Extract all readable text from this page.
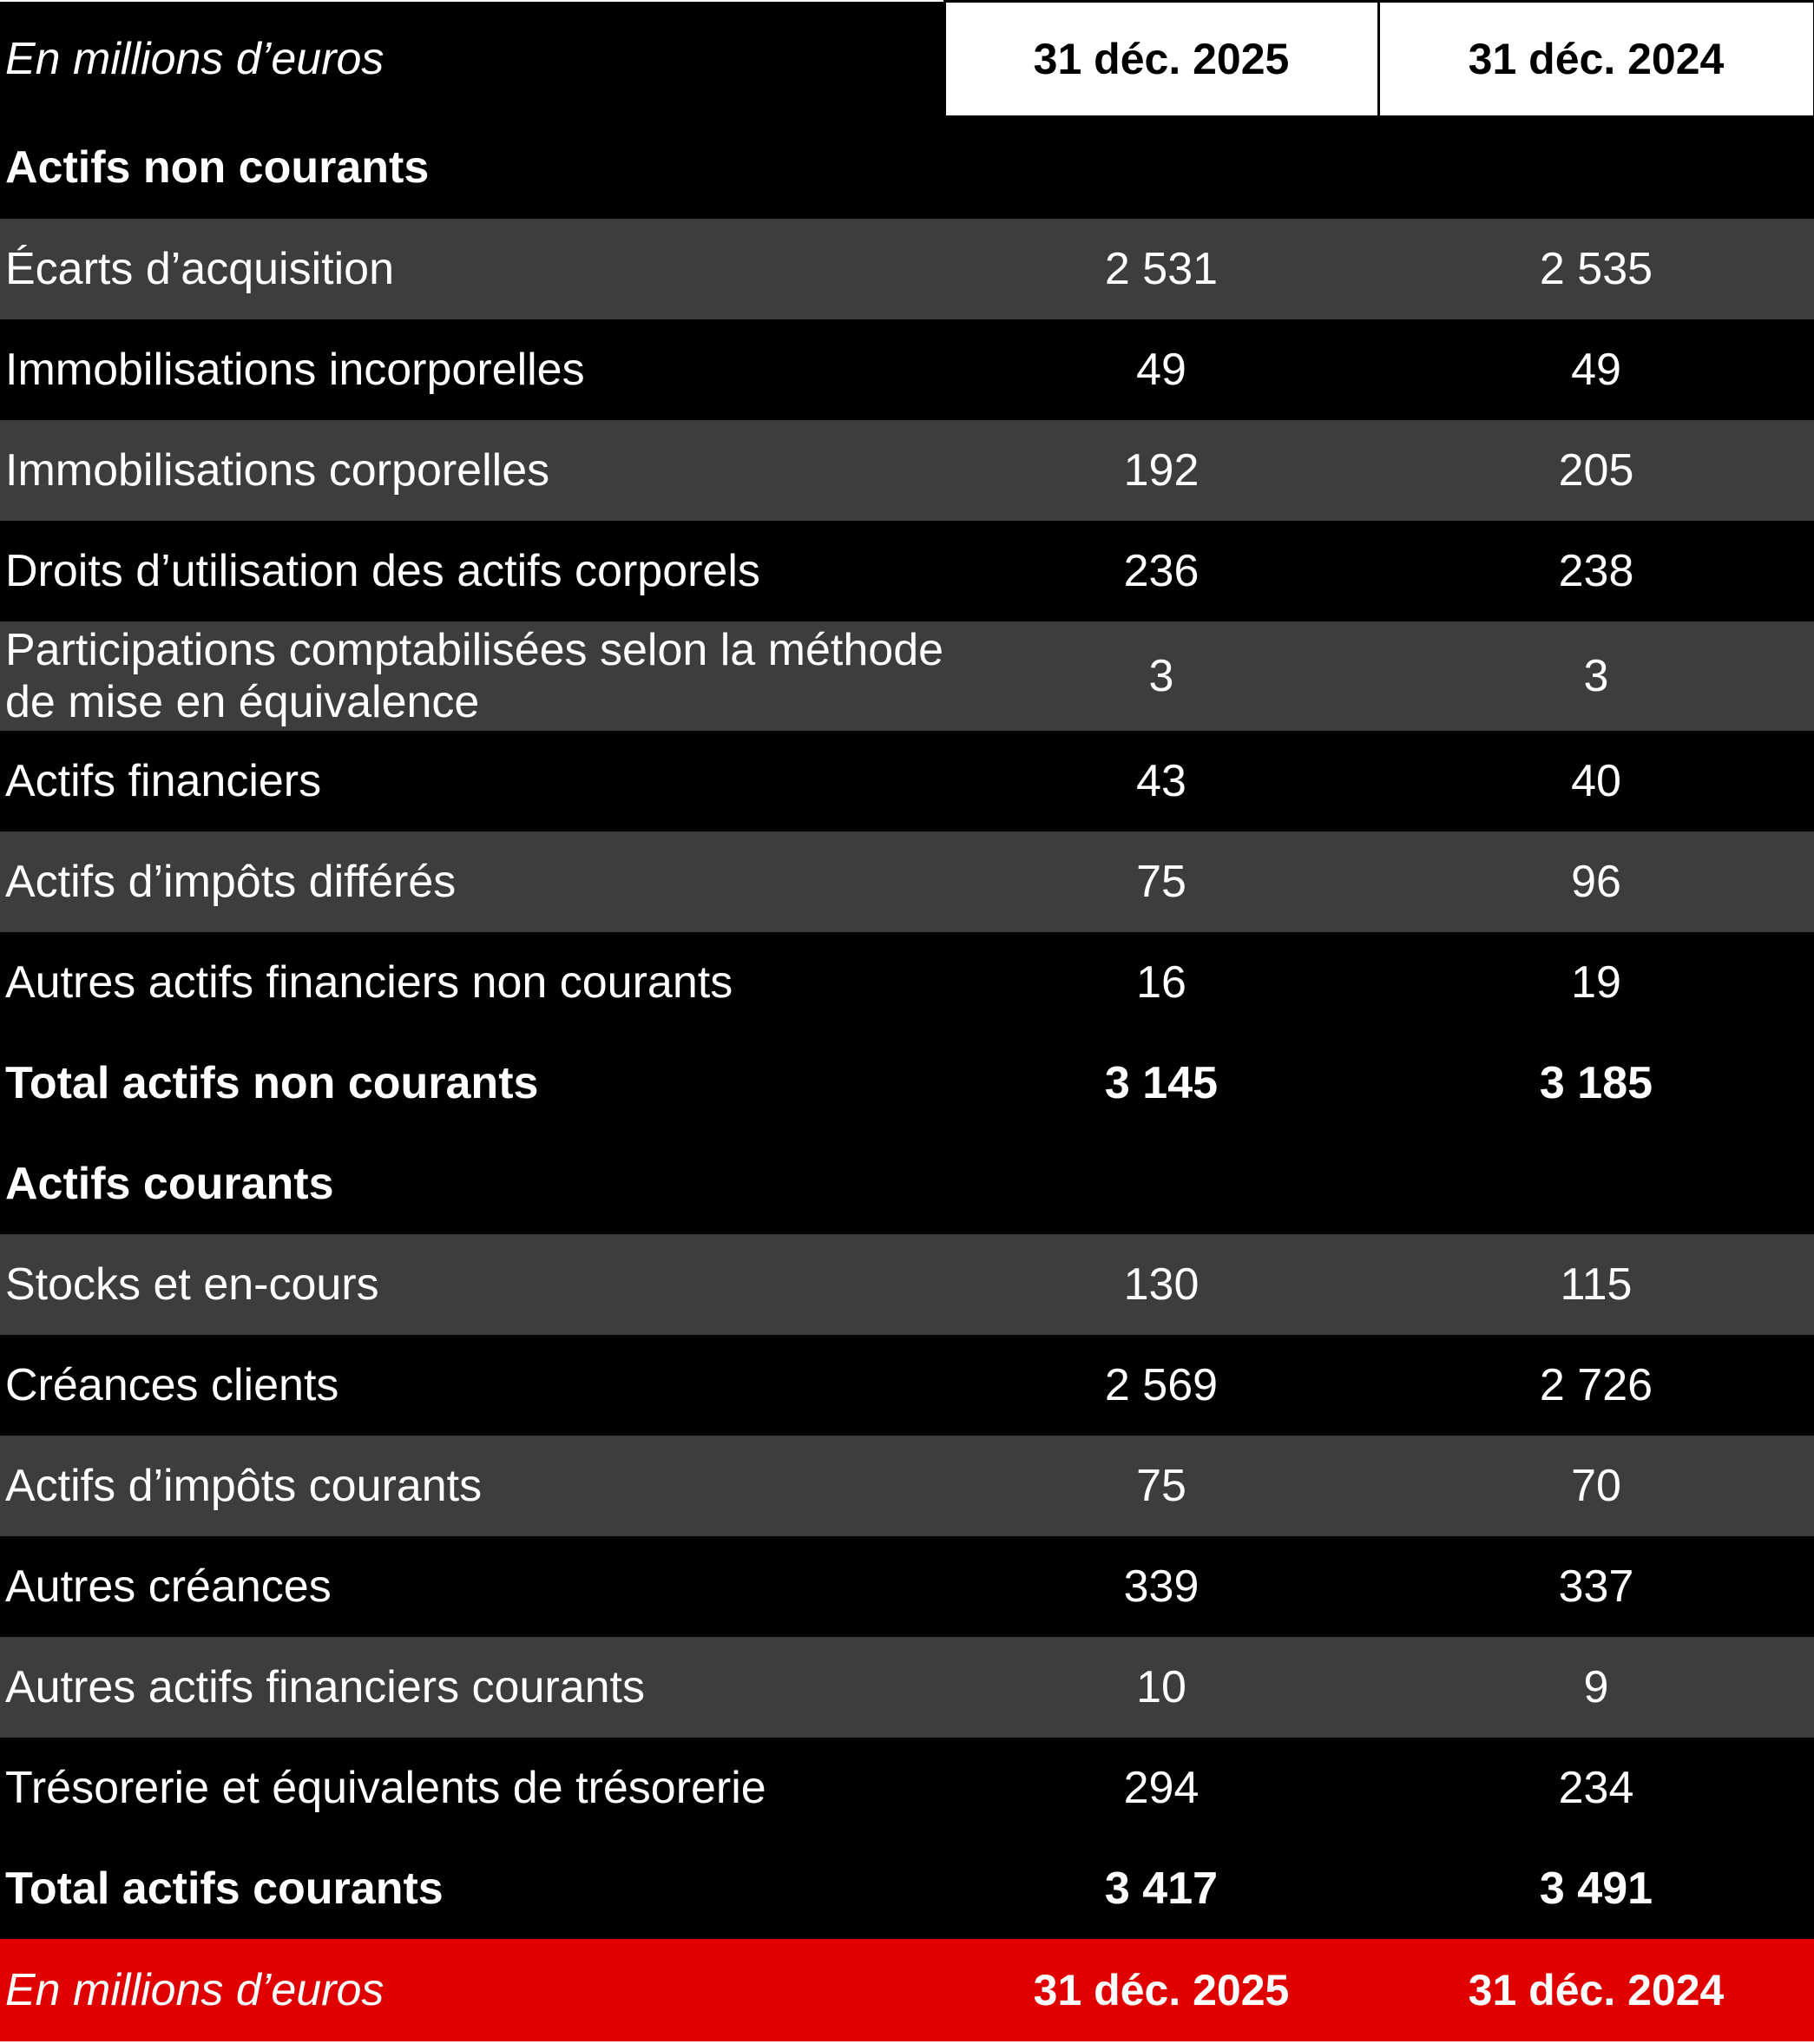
En millions d’euros	31 déc. 2025	31 déc. 2024
Actifs non courants		
Écarts d’acquisition	2 531	2 535
Immobilisations incorporelles	49	49
Immobilisations corporelles	192	205
Droits d’utilisation des actifs corporels	236	238
Participations comptabilisées selon la méthode de mise en équivalence	3	3
Actifs financiers	43	40
Actifs d’impôts différés	75	96
Autres actifs financiers non courants	16	19
Total actifs non courants	3 145	3 185
Actifs courants		
Stocks et en-cours	130	115
Créances clients	2 569	2 726
Actifs d’impôts courants	75	70
Autres créances	339	337
Autres actifs financiers courants	10	9
Trésorerie et équivalents de trésorerie	294	234
Total actifs courants	3 417	3 491
En millions d’euros	31 déc. 2025	31 déc. 2024
